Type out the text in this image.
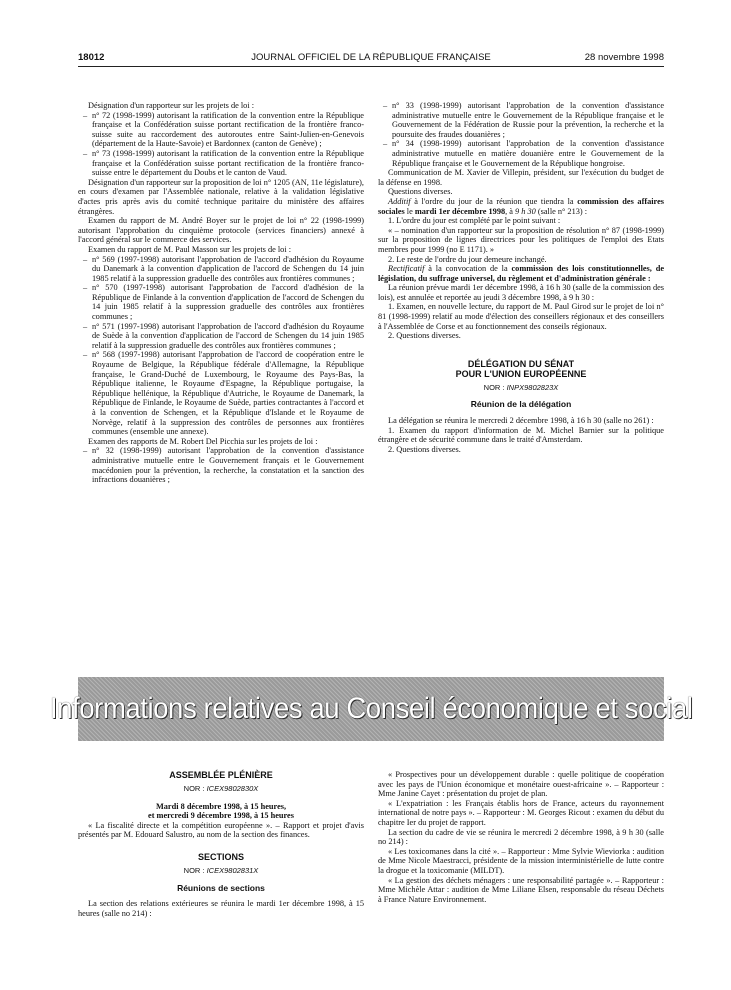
18012	JOURNAL OFFICIEL DE LA RÉPUBLIQUE FRANÇAISE	28 novembre 1998

Désignation d'un rapporteur sur les projets de loi :

– n° 72 (1998-1999) autorisant la ratification de la convention entre la République française et la Confédération suisse portant rectification de la frontière franco-suisse suite au raccordement des autoroutes entre Saint-Julien-en-Genevois (département de la Haute-Savoie) et Bardonnex (canton de Genève) ;

– n° 73 (1998-1999) autorisant la ratification de la convention entre la République française et la Confédération suisse portant rectification de la frontière franco-suisse entre le département du Doubs et le canton de Vaud.

Désignation d'un rapporteur sur la proposition de loi n° 1205 (AN, 11e législature), en cours d'examen par l'Assemblée nationale, relative à la validation législative d'actes pris après avis du comité technique paritaire du ministère des affaires étrangères.

Examen du rapport de M. André Boyer sur le projet de loi n° 22 (1998-1999) autorisant l'approbation du cinquième protocole (services financiers) annexé à l'accord général sur le commerce des services.

Examen du rapport de M. Paul Masson sur les projets de loi :

– n° 569 (1997-1998) autorisant l'approbation de l'accord d'adhésion du Royaume du Danemark à la convention d'application de l'accord de Schengen du 14 juin 1985 relatif à la suppression graduelle des contrôles aux frontières communes ;

– n° 570 (1997-1998) autorisant l'approbation de l'accord d'adhésion de la République de Finlande à la convention d'application de l'accord de Schengen du 14 juin 1985 relatif à la suppression graduelle des contrôles aux frontières communes ;

– n° 571 (1997-1998) autorisant l'approbation de l'accord d'adhésion du Royaume de Suède à la convention d'application de l'accord de Schengen du 14 juin 1985 relatif à la suppression graduelle des contrôles aux frontières communes ;

– n° 568 (1997-1998) autorisant l'approbation de l'accord de coopération entre le Royaume de Belgique, la République fédérale d'Allemagne, la République française, le Grand-Duché de Luxembourg, le Royaume des Pays-Bas, la République italienne, le Royaume d'Espagne, la République portugaise, la République hellénique, la République d'Autriche, le Royaume de Danemark, la République de Finlande, le Royaume de Suède, parties contractantes à l'accord et à la convention de Schengen, et la République d'Islande et le Royaume de Norvège, relatif à la suppression des contrôles de personnes aux frontières communes (ensemble une annexe).

Examen des rapports de M. Robert Del Picchia sur les projets de loi :

– n° 32 (1998-1999) autorisant l'approbation de la convention d'assistance administrative mutuelle entre le Gouvernement français et le Gouvernement macédonien pour la prévention, la recherche, la constatation et la sanction des infractions douanières ;

– n° 33 (1998-1999) autorisant l'approbation de la convention d'assistance administrative mutuelle entre le Gouvernement de la République française et le Gouvernement de la Fédération de Russie pour la prévention, la recherche et la poursuite des fraudes douanières ;

– n° 34 (1998-1999) autorisant l'approbation de la convention d'assistance administrative mutuelle en matière douanière entre le Gouvernement de la République française et le Gouvernement de la République hongroise.

Communication de M. Xavier de Villepin, président, sur l'exécution du budget de la défense en 1998.

Questions diverses.

Additif à l'ordre du jour de la réunion que tiendra la commission des affaires sociales le mardi 1er décembre 1998, à 9 h 30 (salle n° 213) :

1. L'ordre du jour est complété par le point suivant :

« – nomination d'un rapporteur sur la proposition de résolution n° 87 (1998-1999) sur la proposition de lignes directrices pour les politiques de l'emploi des Etats membres pour 1999 (no E 1171). »

2. Le reste de l'ordre du jour demeure inchangé.

Rectificatif à la convocation de la commission des lois constitutionnelles, de législation, du suffrage universel, du règlement et d'administration générale :

La réunion prévue mardi 1er décembre 1998, à 16 h 30 (salle de la commission des lois), est annulée et reportée au jeudi 3 décembre 1998, à 9 h 30 :

1. Examen, en nouvelle lecture, du rapport de M. Paul Girod sur le projet de loi n° 81 (1998-1999) relatif au mode d'élection des conseillers régionaux et des conseillers à l'Assemblée de Corse et au fonctionnement des conseils régionaux.

2. Questions diverses.

DÉLÉGATION DU SÉNAT
POUR L'UNION EUROPÉENNE
NOR : INPX9802823X
Réunion de la délégation

La délégation se réunira le mercredi 2 décembre 1998, à 16 h 30 (salle no 261) :

1. Examen du rapport d'information de M. Michel Barnier sur la politique étrangère et de sécurité commune dans le traité d'Amsterdam.

2. Questions diverses.

Informations relatives au Conseil économique et social
ASSEMBLÉE PLÉNIÈRE
NOR : ICEX9802830X

Mardi 8 décembre 1998, à 15 heures,

et mercredi 9 décembre 1998, à 15 heures

« La fiscalité directe et la compétition européenne ». – Rapport et projet d'avis présentés par M. Edouard Salustro, au nom de la section des finances.

SECTIONS
NOR : ICEX9802831X
Réunions de sections

La section des relations extérieures se réunira le mardi 1er décembre 1998, à 15 heures (salle no 214) :

« Prospectives pour un développement durable : quelle politique de coopération avec les pays de l'Union économique et monétaire ouest-africaine ». – Rapporteur : Mme Janine Cayet : présentation du projet de plan.

« L'expatriation : les Français établis hors de France, acteurs du rayonnement international de notre pays ». – Rapporteur : M. Georges Ricout : examen du début du chapitre Ier du projet de rapport.

La section du cadre de vie se réunira le mercredi 2 décembre 1998, à 9 h 30 (salle no 214) :

« Les toxicomanes dans la cité ». – Rapporteur : Mme Sylvie Wieviorka : audition de Mme Nicole Maestracci, présidente de la mission interministérielle de lutte contre la drogue et la toxicomanie (MILDT).

« La gestion des déchets ménagers : une responsabilité partagée ». – Rapporteur : Mme Michèle Attar : audition de Mme Liliane Elsen, responsable du réseau Déchets à France Nature Environnement.
